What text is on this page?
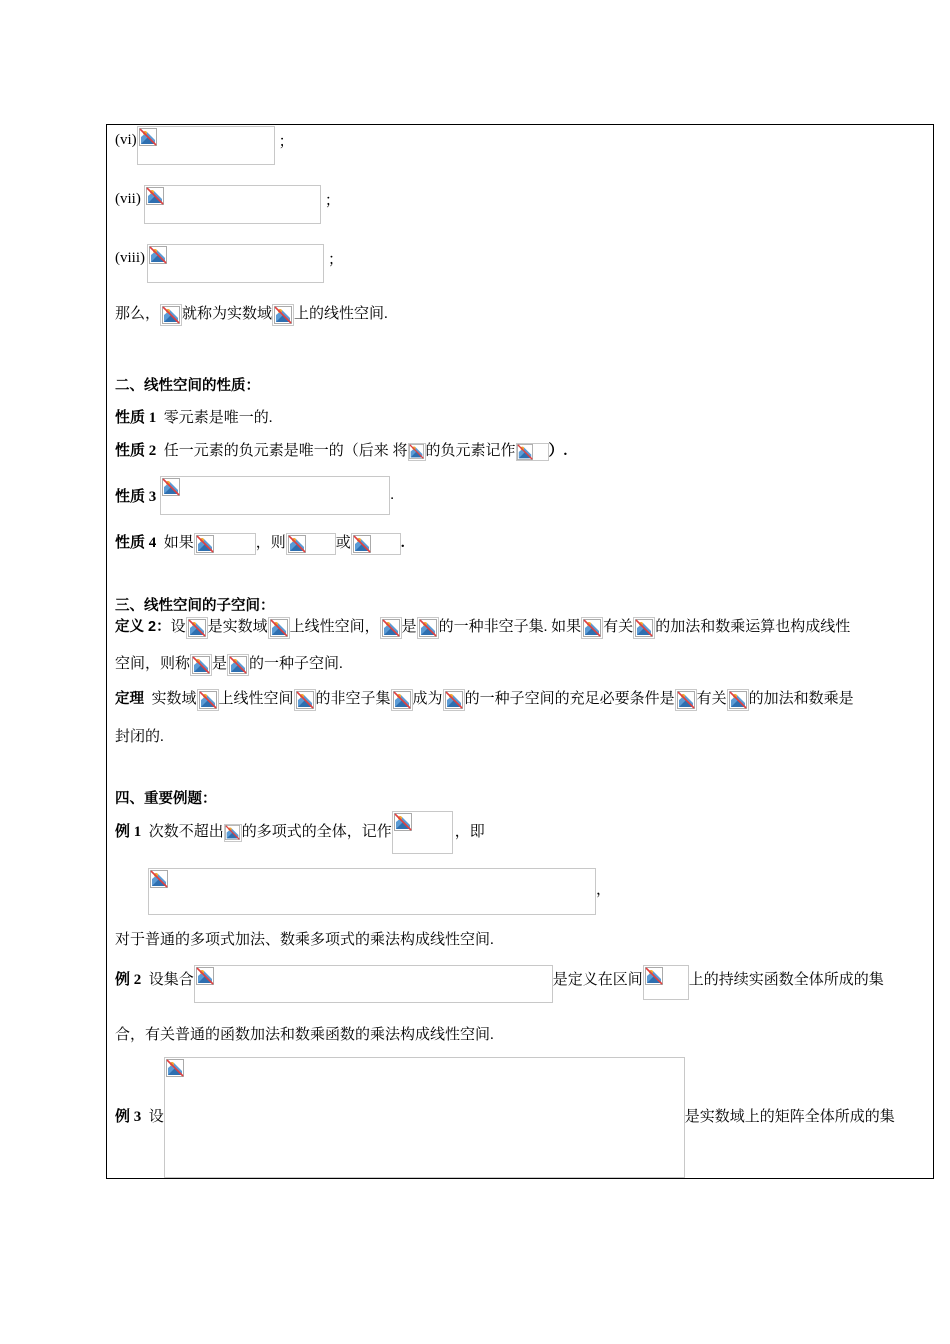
(vi)	；
(vii)	；
(viii)	；
那么， 就称为实数域 上的线性空间.
二、线性空间的性质：
性质 1 零元素是唯一的.
性质 2 任一元素的负元素是唯一的（后来 将 的负元素记作 ）.
性质 3	.
性质 4 如果	，则	或	.
三、线性空间的子空间：
定义 2：设 是实数域 上线性空间， 是 的一种非空子集. 如果 有关 的加法和数乘运算也构成线性
空间，则称 是 的一种子空间.
定理 实数域 上线性空间 的非空子集 成为 的一种子空间的充足必要条件是 有关 的加法和数乘是
封闭的.
四、重要例题：
例 1 次数不超出 的多项式的全体，记作	，即
，
对于普通的多项式加法、数乘多项式的乘法构成线性空间.
例 2 设集合	是定义在区间	上的持续实函数全体所成的集
合，有关普通的函数加法和数乘函数的乘法构成线性空间.
例 3 设	是实数域上的矩阵全体所成的集
